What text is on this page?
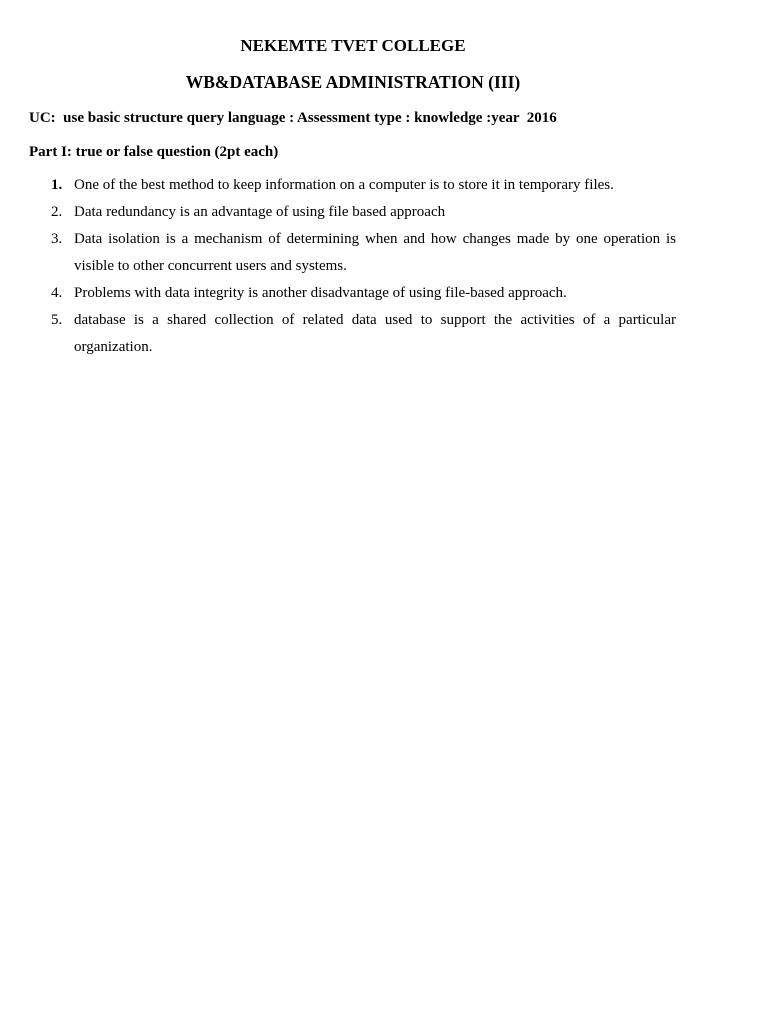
NEKEMTE TVET COLLEGE
WB&DATABASE ADMINISTRATION (III)

UC:  use basic structure query language : Assessment type : knowledge :year  2016

Part I: true or false question (2pt each)

1. One of the best method to keep information on a computer is to store it in temporary files.
2. Data redundancy is an advantage of using file based approach
3. Data isolation is a mechanism of determining when and how changes made by one operation is visible to other concurrent users and systems.
4. Problems with data integrity is another disadvantage of using file-based approach.
5. database is a shared collection of related data used to support the activities of a particular organization.
